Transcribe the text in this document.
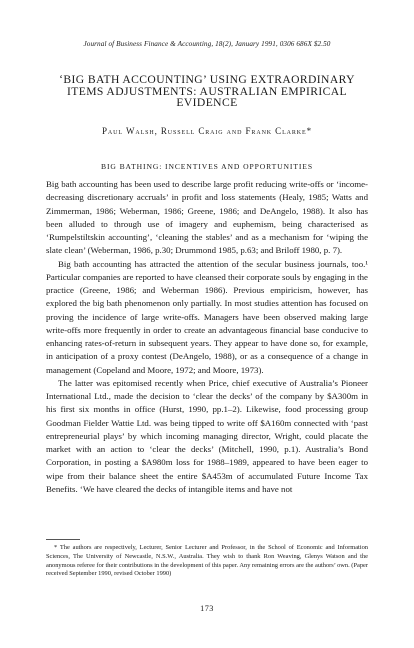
Journal of Business Finance & Accounting, 18(2), January 1991, 0306 686X $2.50
‘BIG BATH ACCOUNTING’ USING EXTRAORDINARY ITEMS ADJUSTMENTS: AUSTRALIAN EMPIRICAL EVIDENCE
Paul Walsh, Russell Craig and Frank Clarke*
BIG BATHING: INCENTIVES AND OPPORTUNITIES

Big bath accounting has been used to describe large profit reducing write-offs or ‘income-decreasing discretionary accruals’ in profit and loss statements (Healy, 1985; Watts and Zimmerman, 1986; Weberman, 1986; Greene, 1986; and DeAngelo, 1988). It also has been alluded to through use of imagery and euphemism, being characterised as ‘Rumpelstiltskin accounting’, ‘cleaning the stables’ and as a mechanism for ‘wiping the slate clean’ (Weberman, 1986, p.30; Drummond 1985, p.63; and Briloff 1980, p. 7).

Big bath accounting has attracted the attention of the secular business journals, too.¹ Particular companies are reported to have cleansed their corporate souls by engaging in the practice (Greene, 1986; and Weberman 1986). Previous empiricism, however, has explored the big bath phenomenon only partially. In most studies attention has focused on proving the incidence of large write-offs. Managers have been observed making large write-offs more frequently in order to create an advantageous financial base conducive to enhancing rates-of-return in subsequent years. They appear to have done so, for example, in anticipation of a proxy contest (DeAngelo, 1988), or as a consequence of a change in management (Copeland and Moore, 1972; and Moore, 1973).

The latter was epitomised recently when Price, chief executive of Australia’s Pioneer International Ltd., made the decision to ‘clear the decks’ of the company by $A300m in his first six months in office (Hurst, 1990, pp.1–2). Likewise, food processing group Goodman Fielder Wattie Ltd. was being tipped to write off $A160m connected with ‘past entrepreneurial plays’ by which incoming managing director, Wright, could placate the market with an action to ‘clear the decks’ (Mitchell, 1990, p.1). Australia’s Bond Corporation, in posting a $A980m loss for 1988–1989, appeared to have been eager to wipe from their balance sheet the entire $A453m of accumulated Future Income Tax Benefits. ‘We have cleared the decks of intangible items and have not

* The authors are respectively, Lecturer, Senior Lecturer and Professor, in the School of Economic and Information Sciences, The University of Newcastle, N.S.W., Australia. They wish to thank Ron Weaving, Glenys Watson and the anonymous referee for their contributions in the development of this paper. Any remaining errors are the authors’ own. (Paper received September 1990, revised October 1990)

173
